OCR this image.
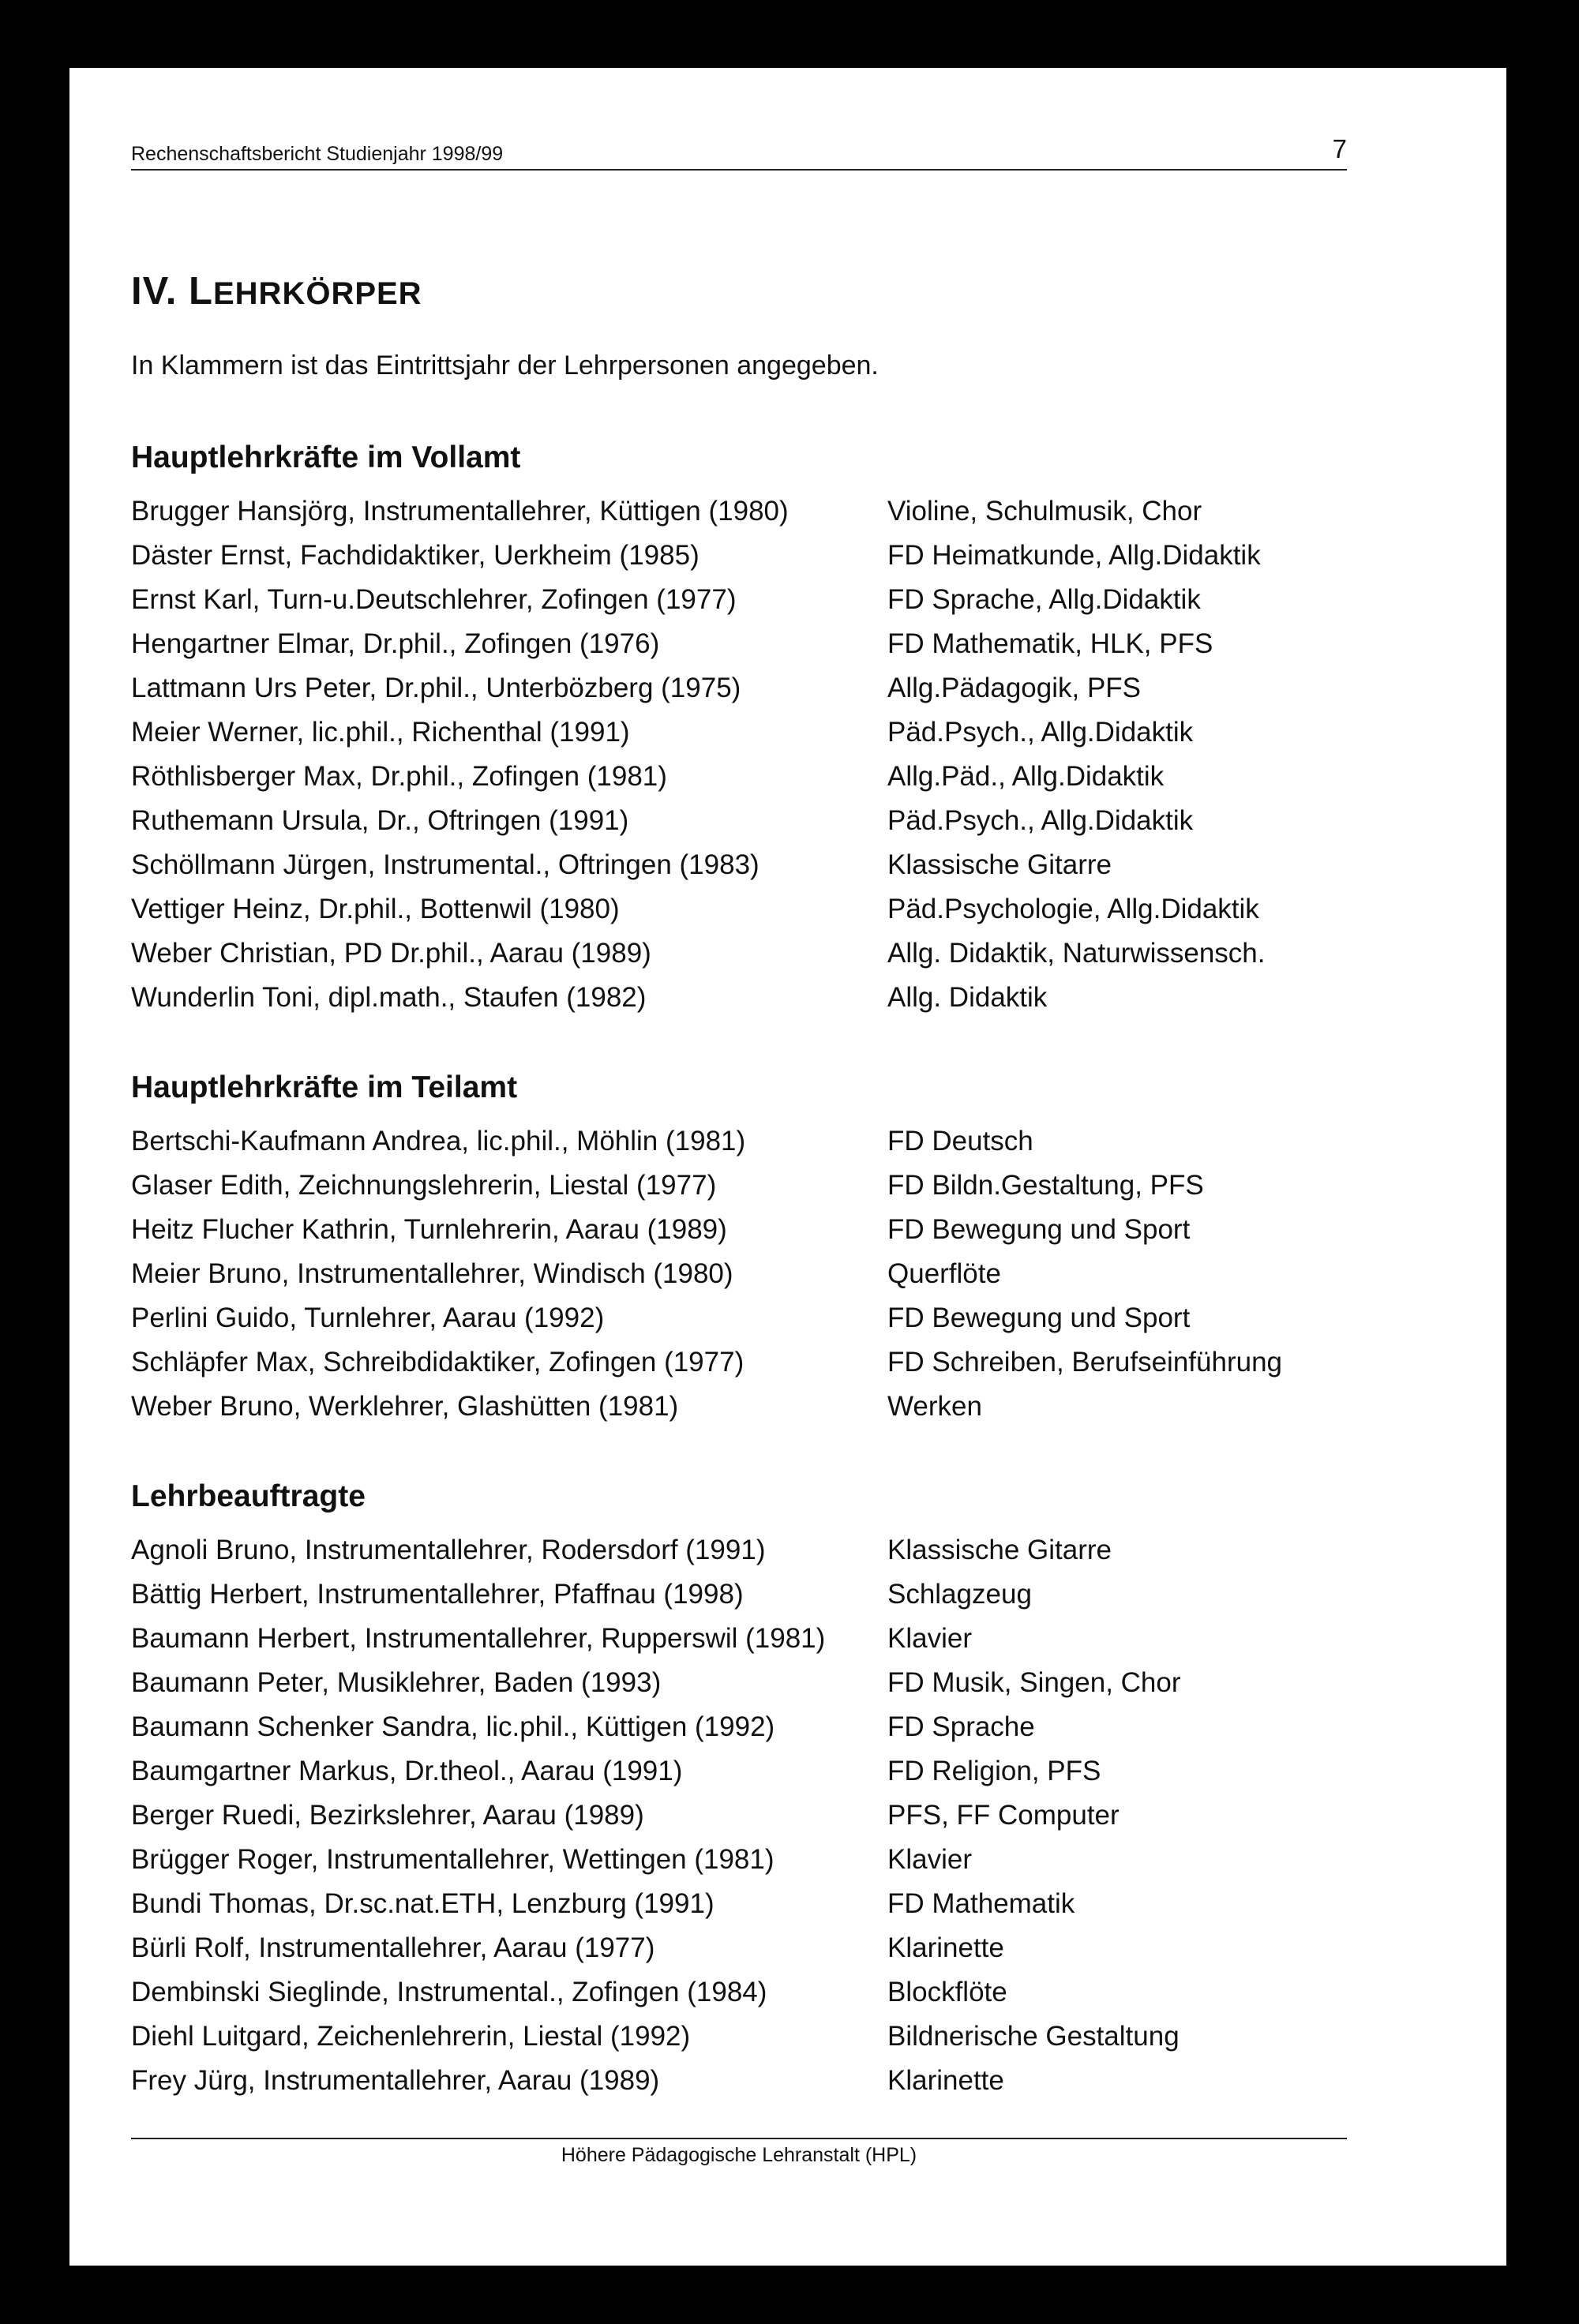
Rechenschaftsbericht Studienjahr 1998/99	7
IV. LEHRKÖRPER
In Klammern ist das Eintrittsjahr der Lehrpersonen angegeben.
Hauptlehrkräfte im Vollamt
Brugger Hansjörg, Instrumentallehrer, Küttigen (1980)	Violine, Schulmusik, Chor
Däster Ernst, Fachdidaktiker, Uerkheim (1985)	FD Heimatkunde, Allg.Didaktik
Ernst Karl, Turn-u.Deutschlehrer, Zofingen (1977)	FD Sprache, Allg.Didaktik
Hengartner Elmar, Dr.phil., Zofingen (1976)	FD Mathematik, HLK, PFS
Lattmann Urs Peter, Dr.phil., Unterbözberg (1975)	Allg.Pädagogik, PFS
Meier Werner, lic.phil., Richenthal (1991)	Päd.Psych., Allg.Didaktik
Röthlisberger Max, Dr.phil., Zofingen (1981)	Allg.Päd., Allg.Didaktik
Ruthemann Ursula, Dr., Oftringen (1991)	Päd.Psych., Allg.Didaktik
Schöllmann Jürgen, Instrumental., Oftringen (1983)	Klassische Gitarre
Vettiger Heinz, Dr.phil., Bottenwil (1980)	Päd.Psychologie, Allg.Didaktik
Weber Christian, PD Dr.phil., Aarau (1989)	Allg. Didaktik, Naturwissensch.
Wunderlin Toni, dipl.math., Staufen (1982)	Allg. Didaktik
Hauptlehrkräfte im Teilamt
Bertschi-Kaufmann Andrea, lic.phil., Möhlin (1981)	FD Deutsch
Glaser Edith, Zeichnungslehrerin, Liestal (1977)	FD Bildn.Gestaltung, PFS
Heitz Flucher Kathrin, Turnlehrerin, Aarau (1989)	FD Bewegung und Sport
Meier Bruno, Instrumentallehrer, Windisch (1980)	Querflöte
Perlini Guido, Turnlehrer, Aarau (1992)	FD Bewegung und Sport
Schläpfer Max, Schreibdidaktiker, Zofingen (1977)	FD Schreiben, Berufseinführung
Weber Bruno, Werklehrer, Glashütten (1981)	Werken
Lehrbeauftragte
Agnoli Bruno, Instrumentallehrer, Rodersdorf (1991)	Klassische Gitarre
Bättig Herbert, Instrumentallehrer, Pfaffnau (1998)	Schlagzeug
Baumann Herbert, Instrumentallehrer, Rupperswil (1981) Klavier
Baumann Peter, Musiklehrer, Baden (1993)	FD Musik, Singen, Chor
Baumann Schenker Sandra, lic.phil., Küttigen (1992)	FD Sprache
Baumgartner Markus, Dr.theol., Aarau (1991)	FD Religion, PFS
Berger Ruedi, Bezirkslehrer, Aarau (1989)	PFS, FF Computer
Brügger Roger, Instrumentallehrer, Wettingen (1981)	Klavier
Bundi Thomas, Dr.sc.nat.ETH, Lenzburg (1991)	FD Mathematik
Bürli Rolf, Instrumentallehrer, Aarau (1977)	Klarinette
Dembinski Sieglinde, Instrumental., Zofingen (1984)	Blockflöte
Diehl Luitgard, Zeichenlehrerin, Liestal (1992)	Bildnerische Gestaltung
Frey Jürg, Instrumentallehrer, Aarau (1989)	Klarinette
Höhere Pädagogische Lehranstalt (HPL)
